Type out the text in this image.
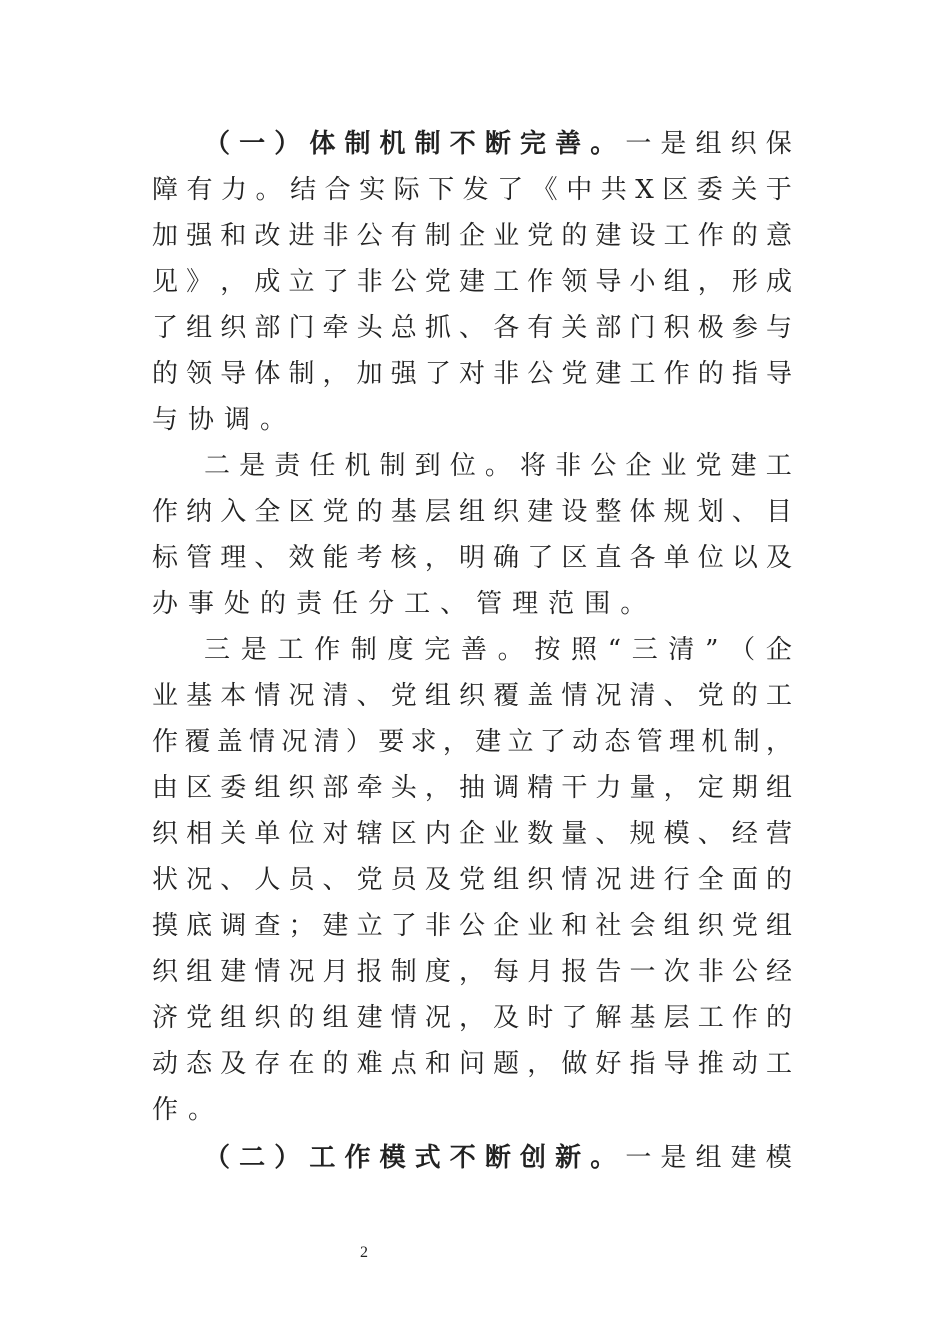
（ 一 ） 体 制 机 制 不 断 完 善 。 一 是 组 织 保
障 有 力 。 结 合 实 际 下 发 了 《 中 共 X 区 委 关 于
加 强 和 改 进 非 公 有 制 企 业 党 的 建 设 工 作 的 意
见 》 ， 成 立 了 非 公 党 建 工 作 领 导 小 组 ， 形 成
了 组 织 部 门 牵 头 总 抓 、 各 有 关 部 门 积 极 参 与
的 领 导 体 制 ， 加 强 了 对 非 公 党 建 工 作 的 指 导
与 协 调 。
二 是 责 任 机 制 到 位 。 将 非 公 企 业 党 建 工
作 纳 入 全 区 党 的 基 层 组 织 建 设 整 体 规 划 、 目
标 管 理 、 效 能 考 核 ， 明 确 了 区 直 各 单 位 以 及
办 事 处 的 责 任 分 工 、 管 理 范 围 。
三 是 工 作 制 度 完 善 。 按 照 “ 三 清 ” （ 企
业 基 本 情 况 清 、 党 组 织 覆 盖 情 况 清 、 党 的 工
作 覆 盖 情 况 清 ） 要 求 ， 建 立 了 动 态 管 理 机 制 ，
由 区 委 组 织 部 牵 头 ， 抽 调 精 干 力 量 ， 定 期 组
织 相 关 单 位 对 辖 区 内 企 业 数 量 、 规 模 、 经 营
状 况 、 人 员 、 党 员 及 党 组 织 情 况 进 行 全 面 的
摸 底 调 查 ； 建 立 了 非 公 企 业 和 社 会 组 织 党 组
织 组 建 情 况 月 报 制 度 ， 每 月 报 告 一 次 非 公 经
济 党 组 织 的 组 建 情 况 ， 及 时 了 解 基 层 工 作 的
动 态 及 存 在 的 难 点 和 问 题 ， 做 好 指 导 推 动 工
作 。
（ 二 ） 工 作 模 式 不 断 创 新 。 一 是 组 建 模
2
